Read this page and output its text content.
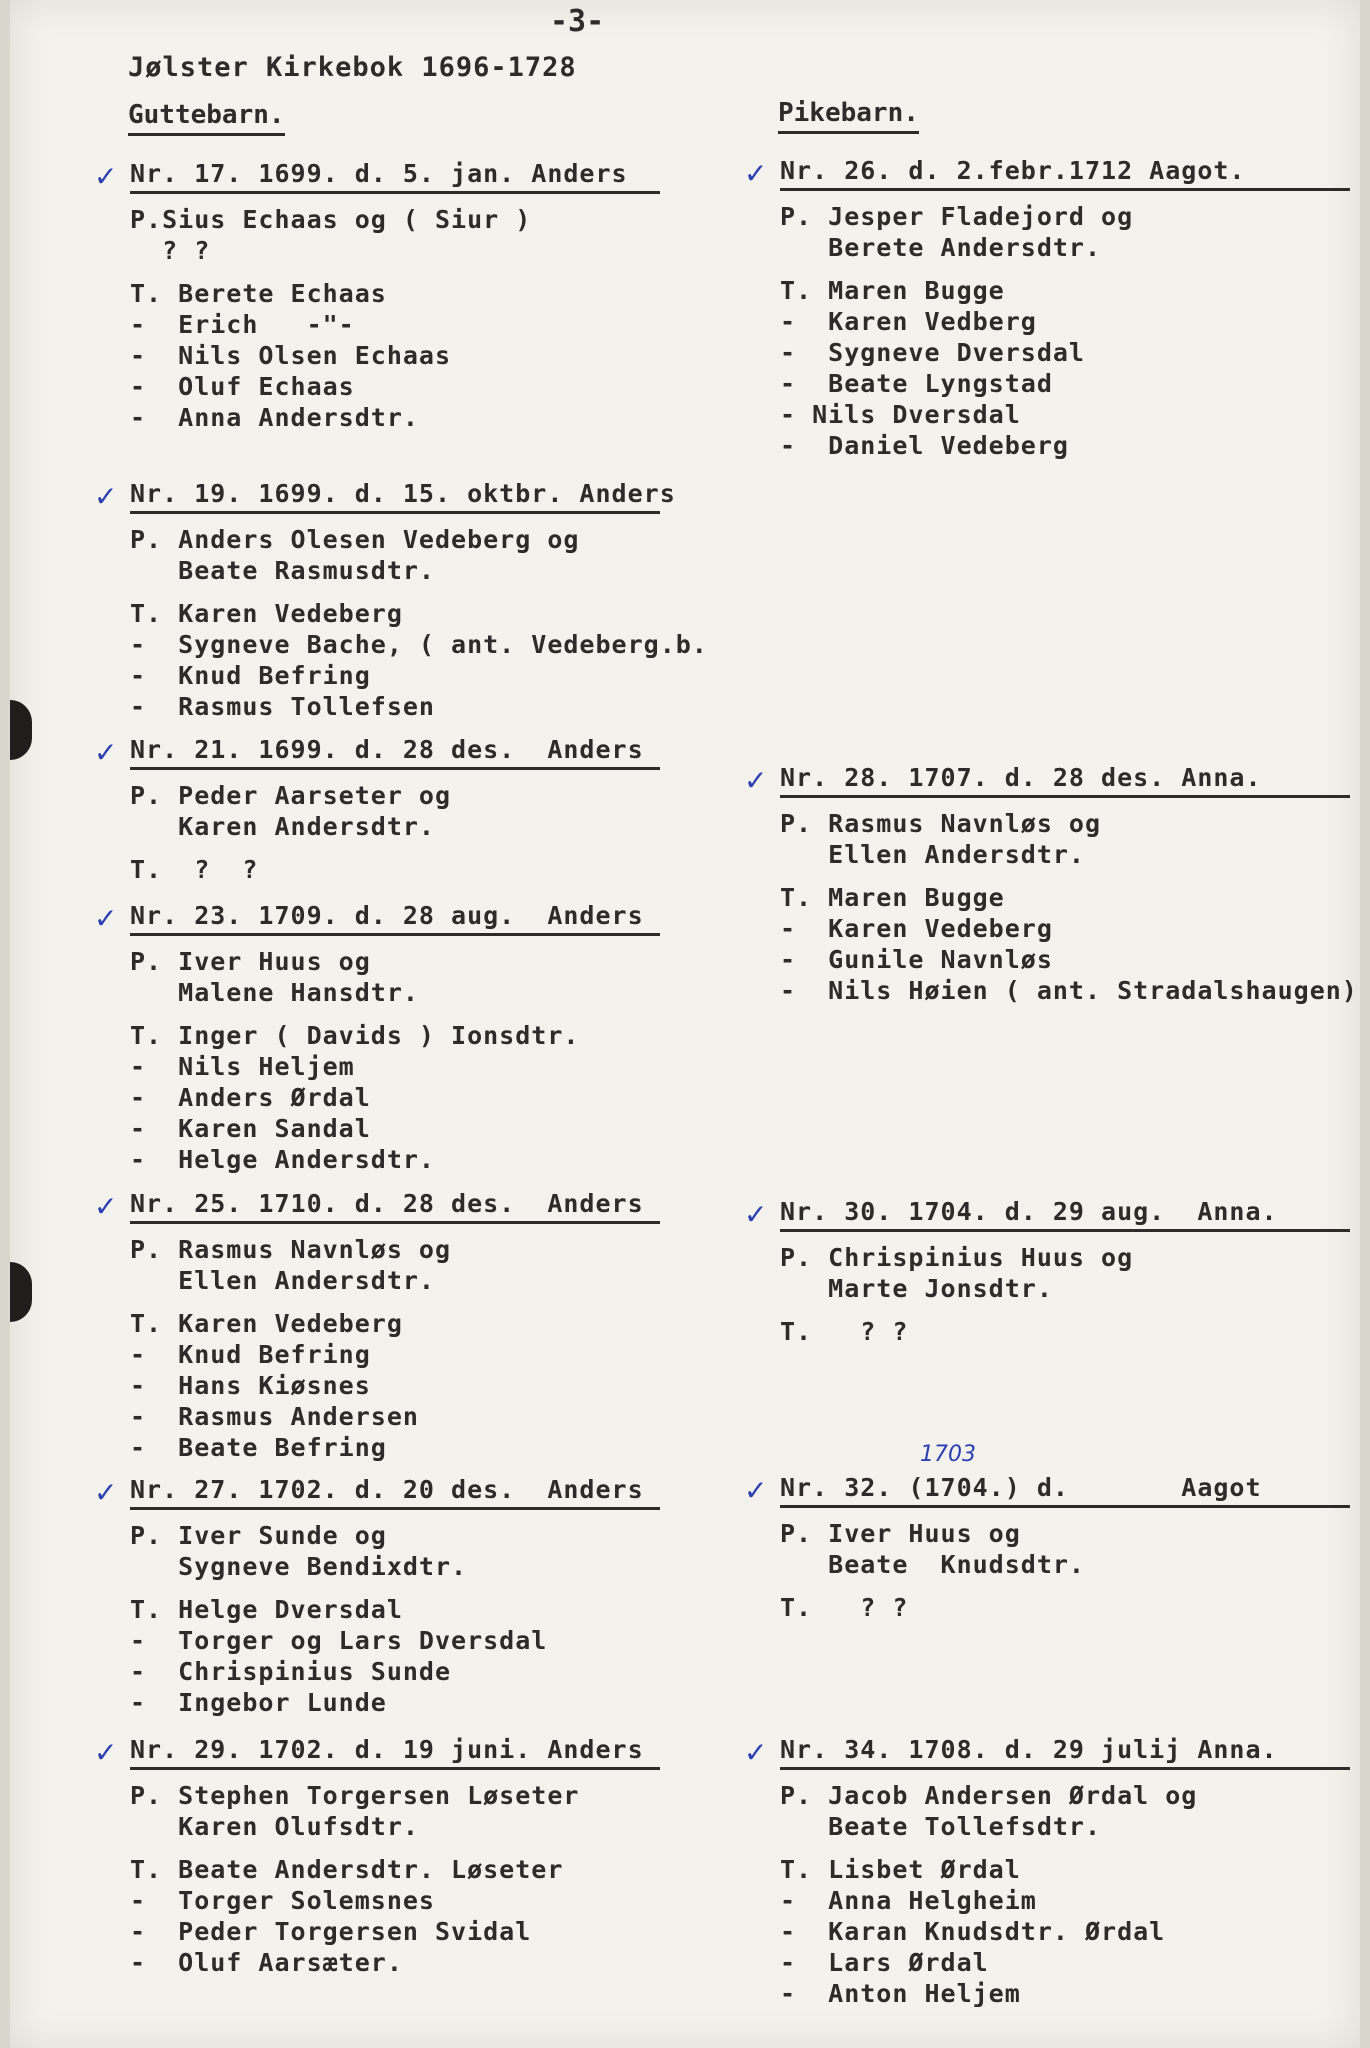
-3-
Jølster Kirkebok 1696-1728
Guttebarn.	Pikebarn.
Nr. 17. 1699. d. 5. jan. Anders
P.Sius Echaas og ( Siur )
? ?
T. Berete Echaas
-  Erich   -"-
-  Nils Olsen Echaas
-  Oluf Echaas
-  Anna Andersdtr.
✓
Nr. 19. 1699. d. 15. oktbr. Anders
P. Anders Olesen Vedeberg og
Beate Rasmusdtr.
T. Karen Vedeberg
-  Sygneve Bache, ( ant. Vedeberg.b.
-  Knud Befring
-  Rasmus Tollefsen
✓
Nr. 21. 1699. d. 28 des.  Anders
P. Peder Aarseter og
Karen Andersdtr.
T.  ?  ?
✓
Nr. 23. 1709. d. 28 aug.  Anders
P. Iver Huus og
Malene Hansdtr.
T. Inger ( Davids ) Ionsdtr.
-  Nils Heljem
-  Anders Ørdal
-  Karen Sandal
-  Helge Andersdtr.
✓
Nr. 25. 1710. d. 28 des.  Anders
P. Rasmus Navnløs og
Ellen Andersdtr.
T. Karen Vedeberg
-  Knud Befring
-  Hans Kiøsnes
-  Rasmus Andersen
-  Beate Befring
✓
Nr. 27. 1702. d. 20 des.  Anders
P. Iver Sunde og
Sygneve Bendixdtr.
T. Helge Dversdal
-  Torger og Lars Dversdal
-  Chrispinius Sunde
-  Ingebor Lunde
✓
Nr. 29. 1702. d. 19 juni. Anders
P. Stephen Torgersen Løseter
Karen Olufsdtr.
T. Beate Andersdtr. Løseter
-  Torger Solemsnes
-  Peder Torgersen Svidal
-  Oluf Aarsæter.
✓
Nr. 26. d. 2.febr.1712 Aagot.
P. Jesper Fladejord og
Berete Andersdtr.
T. Maren Bugge
-  Karen Vedberg
-  Sygneve Dversdal
-  Beate Lyngstad
- Nils Dversdal
-  Daniel Vedeberg
✓
Nr. 28. 1707. d. 28 des. Anna.
P. Rasmus Navnløs og
Ellen Andersdtr.
T. Maren Bugge
-  Karen Vedeberg
-  Gunile Navnløs
-  Nils Høien ( ant. Stradalshaugen)
✓
Nr. 30. 1704. d. 29 aug.  Anna.
P. Chrispinius Huus og
Marte Jonsdtr.
T.   ? ?
✓
Nr. 32. (1704.) d.       Aagot
P. Iver Huus og
Beate  Knudsdtr.
T.   ? ?
✓
Nr. 34. 1708. d. 29 julij Anna.
P. Jacob Andersen Ørdal og
Beate Tollefsdtr.
T. Lisbet Ørdal
-  Anna Helgheim
-  Karan Knudsdtr. Ørdal
-  Lars Ørdal
-  Anton Heljem
✓
1703
